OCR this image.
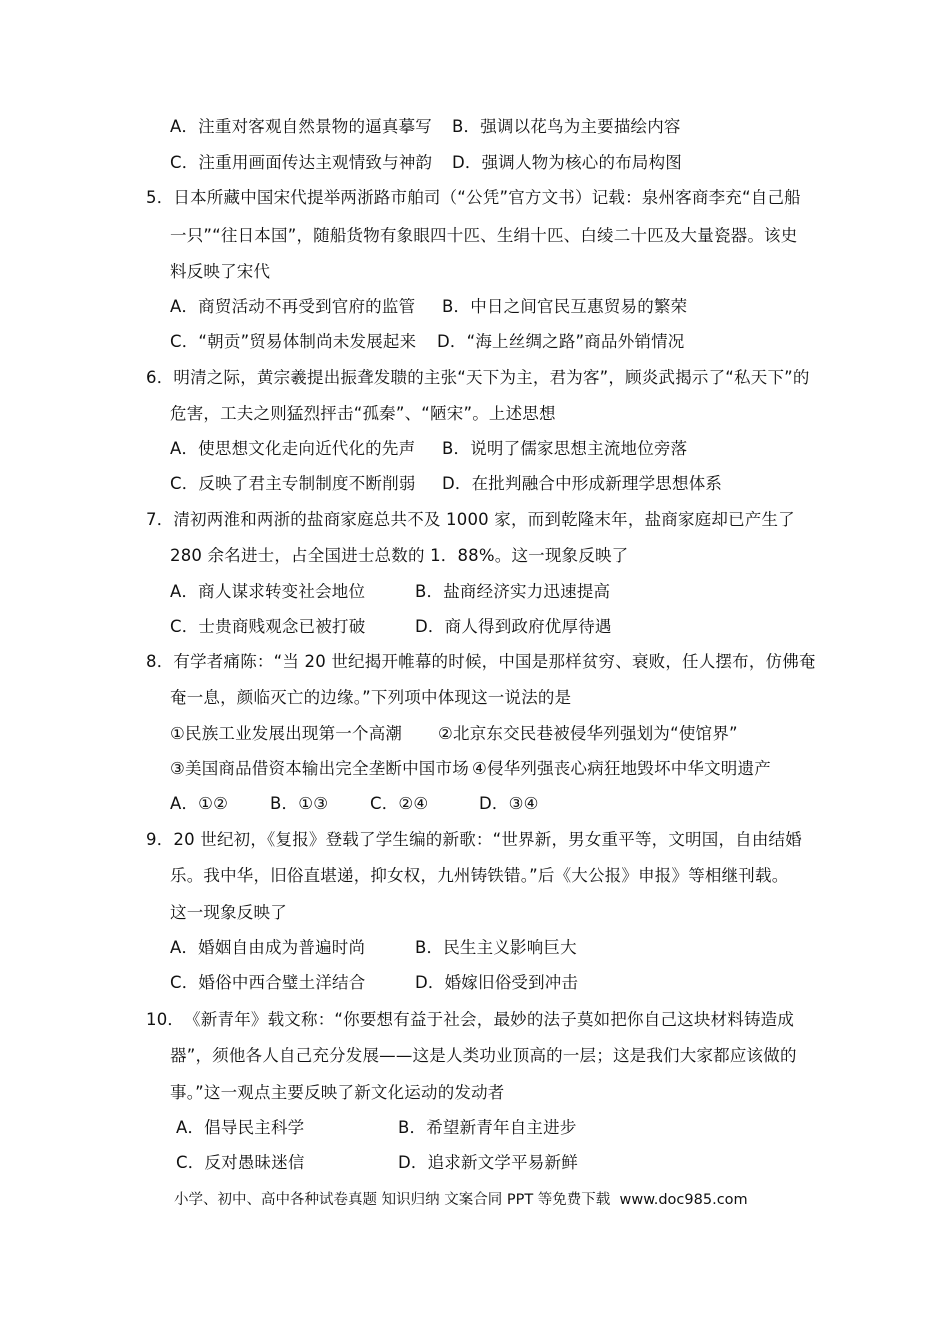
A．注重对客观自然景物的逼真摹写 B．强调以花鸟为主要描绘内容
C．注重用画面传达主观情致与神韵 D．强调人物为核心的布局构图
5．日本所藏中国宋代提举两浙路市舶司（“公凭”官方文书）记载：泉州客商李充“自己船
一只”“往日本国”，随船货物有象眼四十匹、生绢十匹、白绫二十匹及大量瓷器。该史
料反映了宋代
A．商贸活动不再受到官府的监管 B．中日之间官民互惠贸易的繁荣
C．“朝贡”贸易体制尚未发展起来 D．“海上丝绸之路”商品外销情况
6．明清之际，黄宗羲提出振聋发聩的主张“天下为主，君为客”，顾炎武揭示了“私天下”的
危害，工夫之则猛烈抨击“孤秦”、“陋宋”。上述思想
A．使思想文化走向近代化的先声 B．说明了儒家思想主流地位旁落
C．反映了君主专制制度不断削弱 D．在批判融合中形成新理学思想体系
7．清初两淮和两浙的盐商家庭总共不及 1000 家，而到乾隆末年，盐商家庭却已产生了
280 余名进士，占全国进士总数的 1．88%。这一现象反映了
A．商人谋求转变社会地位	B．盐商经济实力迅速提高
C．士贵商贱观念已被打破	D．商人得到政府优厚待遇
8．有学者痛陈：“当 20 世纪揭开帷幕的时候，中国是那样贫穷、衰败，任人摆布，仿佛奄
奄一息，颜临灭亡的边缘。”下列项中体现这一说法的是
①民族工业发展出现第一个高潮 ②北京东交民巷被侵华列强划为“使馆界”
③美国商品借资本输出完全垄断中国市场 ④侵华列强丧心病狂地毁坏中华文明遗产
A．①②	B．①③	C．②④	D．③④
9．20 世纪初，《复报》登载了学生编的新歌：“世界新，男女重平等，文明国，自由结婚
乐。我中华，旧俗直堪递，抑女权，九州铸铁错。”后《大公报》申报》等相继刊载。
这一现象反映了
A．婚姻自由成为普遍时尚	B．民生主义影响巨大
C．婚俗中西合璧土洋结合	D．婚嫁旧俗受到冲击
10．《新青年》载文称：“你要想有益于社会，最妙的法子莫如把你自己这块材料铸造成
器”，须他各人自己充分发展——这是人类功业顶高的一层；这是我们大家都应该做的
事。”这一观点主要反映了新文化运动的发动者
A．倡导民主科学	B．希望新青年自主进步
C．反对愚昧迷信	D．追求新文学平易新鲜
小学、初中、高中各种试卷真题 知识归纳 文案合同 PPT 等免费下载 www.doc985.com
